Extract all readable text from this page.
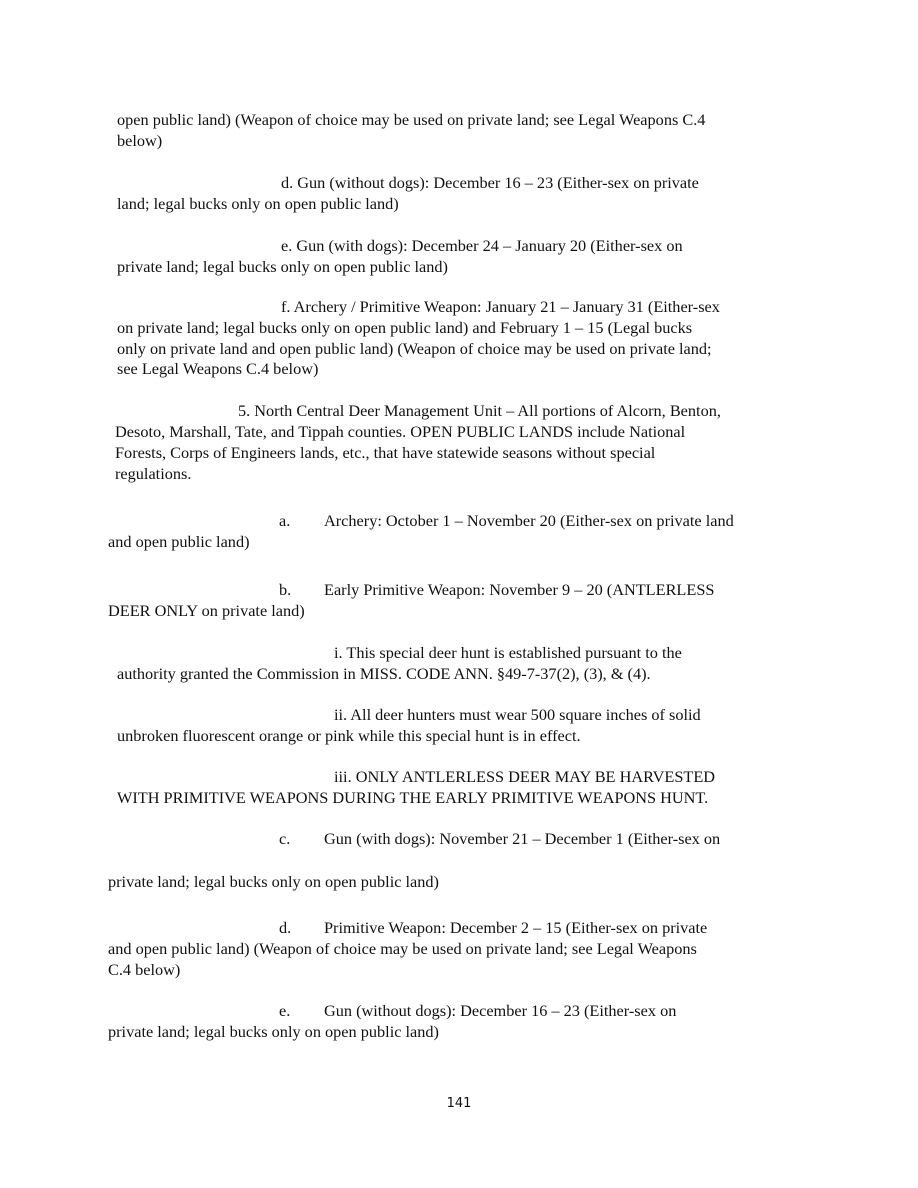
open public land) (Weapon of choice may be used on private land; see Legal Weapons C.4
below)
d. Gun (without dogs): December 16 – 23 (Either-sex on private
land; legal bucks only on open public land)
e. Gun (with dogs): December 24 – January 20 (Either-sex on
private land; legal bucks only on open public land)
f. Archery / Primitive Weapon: January 21 – January 31 (Either-sex
on private land; legal bucks only on open public land) and February 1 – 15 (Legal bucks
only on private land and open public land) (Weapon of choice may be used on private land;
see Legal Weapons C.4 below)
5. North Central Deer Management Unit – All portions of Alcorn, Benton,
Desoto, Marshall, Tate, and Tippah counties. OPEN PUBLIC LANDS include National
Forests, Corps of Engineers lands, etc., that have statewide seasons without special
regulations.
a. Archery: October 1 – November 20 (Either-sex on private land
and open public land)
b. Early Primitive Weapon: November 9 – 20 (ANTLERLESS
DEER ONLY on private land)
i. This special deer hunt is established pursuant to the
authority granted the Commission in MISS. CODE ANN. §49-7-37(2), (3), & (4).
ii. All deer hunters must wear 500 square inches of solid
unbroken fluorescent orange or pink while this special hunt is in effect.
iii. ONLY ANTLERLESS DEER MAY BE HARVESTED
WITH PRIMITIVE WEAPONS DURING THE EARLY PRIMITIVE WEAPONS HUNT.
c. Gun (with dogs): November 21 – December 1 (Either-sex on
private land; legal bucks only on open public land)
d. Primitive Weapon: December 2 – 15 (Either-sex on private
and open public land) (Weapon of choice may be used on private land; see Legal Weapons
C.4 below)
e. Gun (without dogs): December 16 – 23 (Either-sex on
private land; legal bucks only on open public land)
141
